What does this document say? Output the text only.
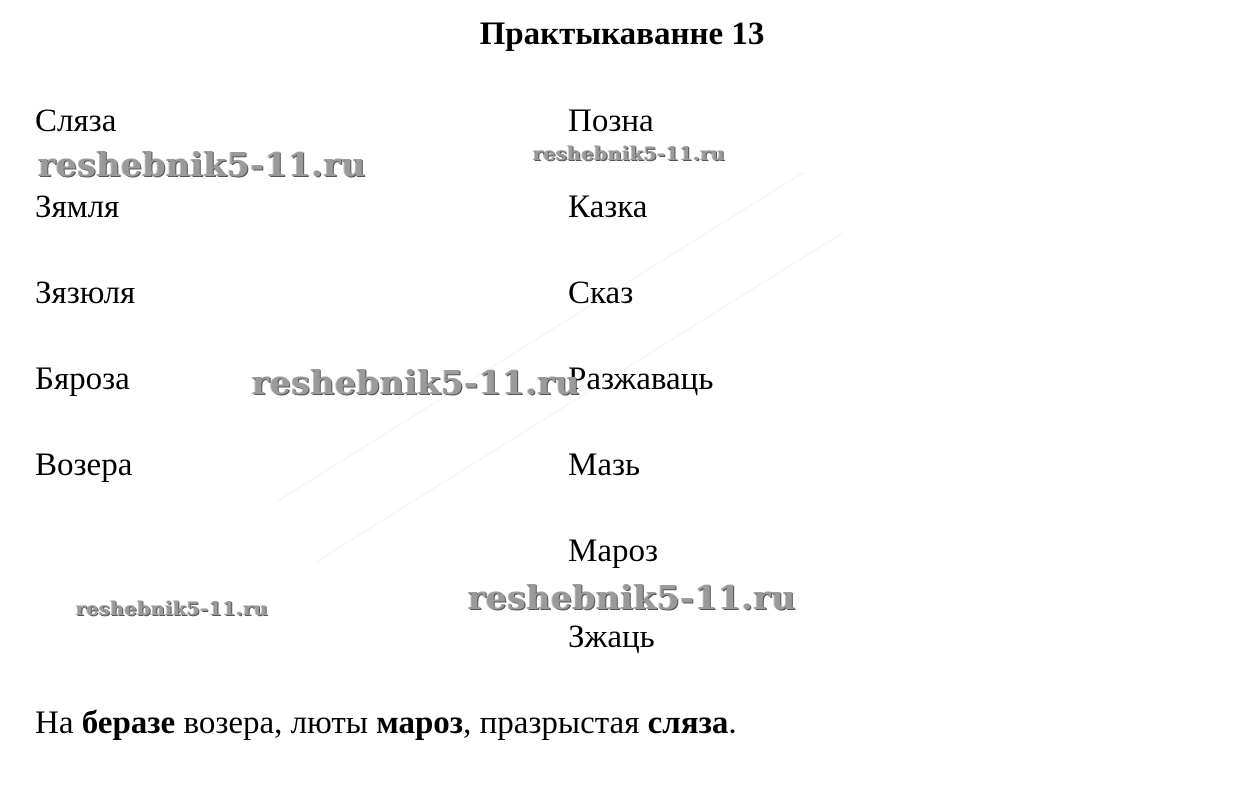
Практыкаванне 13
Сляза
Зямля
Зязюля
Бяроза
Возера
Позна
Казка
Сказ
Разжаваць
Мазь
Мароз
Зжаць
На беразе возера, люты мароз, празрыстая сляза.
reshebnik5-11.ru	reshebnik5-11.ru
reshebnik5-11.ru
reshebnik5-11.ru	reshebnik5-11.ru
